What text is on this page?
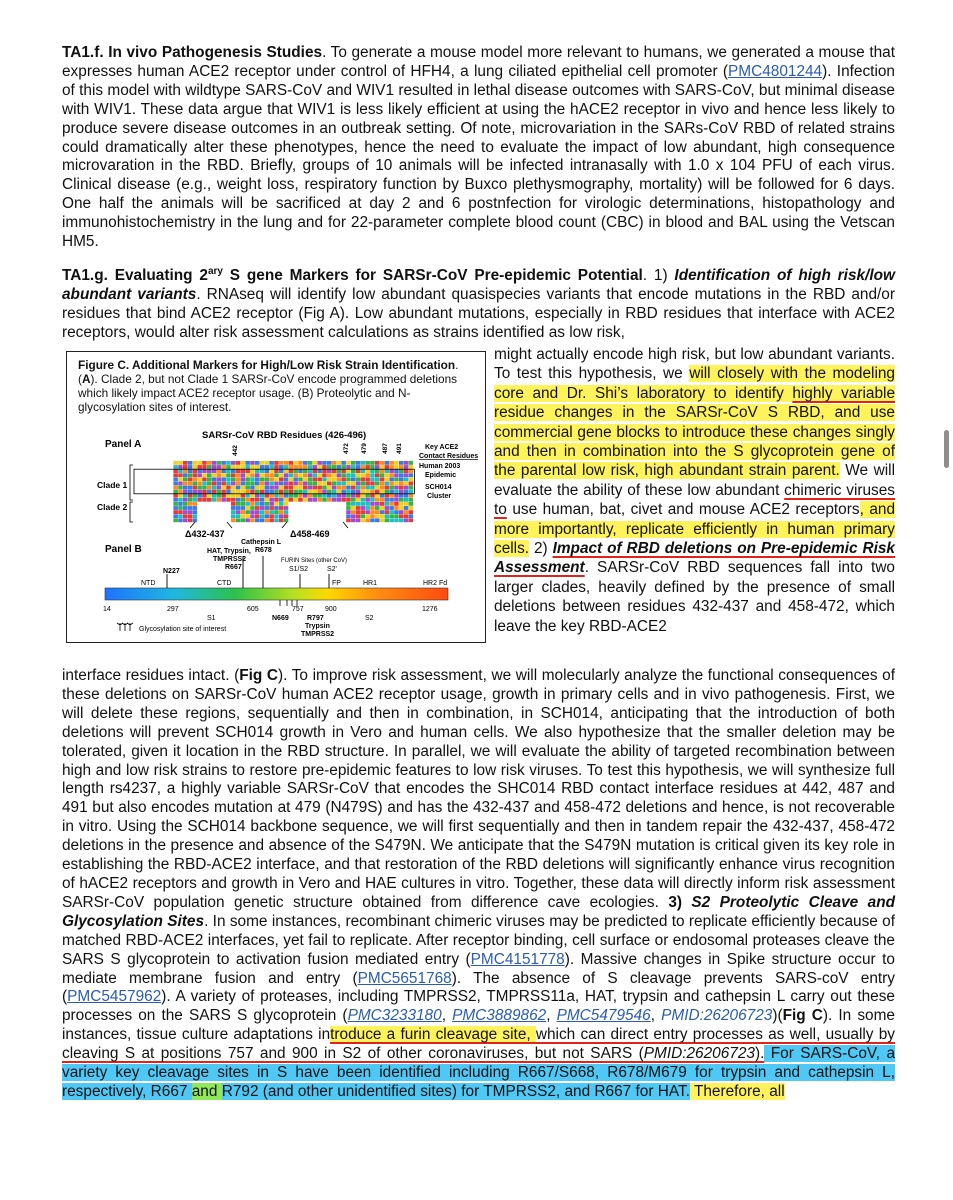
TA1.f. In vivo Pathogenesis Studies. To generate a mouse model more relevant to humans, we generated a mouse that expresses human ACE2 receptor under control of HFH4, a lung ciliated epithelial cell promoter (PMC4801244). Infection of this model with wildtype SARS-CoV and WIV1 resulted in lethal disease outcomes with SARS-CoV, but minimal disease with WIV1. These data argue that WIV1 is less likely efficient at using the hACE2 receptor in vivo and hence less likely to produce severe disease outcomes in an outbreak setting. Of note, microvariation in the SARs-CoV RBD of related strains could dramatically alter these phenotypes, hence the need to evaluate the impact of low abundant, high consequence microvaration in the RBD. Briefly, groups of 10 animals will be infected intranasally with 1.0 x 104 PFU of each virus. Clinical disease (e.g., weight loss, respiratory function by Buxco plethysmography, mortality) will be followed for 6 days. One half the animals will be sacrificed at day 2 and 6 postnfection for virologic determinations, histopathology and immunohistochemistry in the lung and for 22-parameter complete blood count (CBC) in blood and BAL using the Vetscan HM5.
TA1.g. Evaluating $2^{ary}$ S gene Markers for SARSr-CoV Pre-epidemic Potential. 1) Identification of high risk/low abundant variants. RNAseq will identify low abundant quasispecies variants that encode mutations in the RBD and/or residues that bind ACE2 receptor (Fig A). Low abundant mutations, especially in RBD residues that interface with ACE2 receptors, would alter risk assessment calculations as strains identified as low risk,
Figure C. Additional Markers for High/Low Risk Strain Identification. (A). Clade 2, but not Clade 1 SARSr-CoV encode programmed deletions which likely impact ACE2 receptor usage. (B) Proteolytic and N-glycosylation sites of interest.
SARSr-CoV RBD Residues (426-496)
Panel A
442	472 479 487 491
Clade 1
Clade 2
Key ACE2
Contact Residues
Human 2003
Epidemic
SCH014
Cluster
Δ432-437	Δ458-469
Panel B
Cathepsin L
R678
HAT, Trypsin,
TMPRSS2
R667
N227
FURIN Sites (other CoV)
S1/S2	S2'
NTD	CTD	FP	HR1	HR2 Fd
14	297	605	757	900	1276
S1	S2
N669	R797
Trypsin
TMPRSS2
Glycosylation site of interest
might actually encode high risk, but low abundant variants. To test this hypothesis, we will closely with the modeling core and Dr. Shi’s laboratory to identify highly variable residue changes in the SARSr-CoV S RBD, and use commercial gene blocks to introduce these changes singly and then in combination into the S glycoprotein gene of the parental low risk, high abundant strain parent. We will evaluate the ability of these low abundant chimeric viruses to use human, bat, civet and mouse ACE2 receptors, and more importantly, replicate efficiently in human primary cells. 2) Impact of RBD deletions on Pre-epidemic Risk Assessment. SARSr-CoV RBD sequences fall into two larger clades, heavily defined by the presence of small deletions between residues 432-437 and 458-472, which leave the key RBD-ACE2
interface residues intact. (Fig C). To improve risk assessment, we will molecularly analyze the functional consequences of these deletions on SARSr-CoV human ACE2 receptor usage, growth in primary cells and in vivo pathogenesis. First, we will delete these regions, sequentially and then in combination, in SCH014, anticipating that the introduction of both deletions will prevent SCH014 growth in Vero and human cells. We also hypothesize that the smaller deletion may be tolerated, given it location in the RBD structure. In parallel, we will evaluate the ability of targeted recombination between high and low risk strains to restore pre-epidemic features to low risk viruses. To test this hypothesis, we will synthesize full length rs4237, a highly variable SARSr-CoV that encodes the SHC014 RBD contact interface residues at 442, 487 and 491 but also encodes mutation at 479 (N479S) and has the 432-437 and 458-472 deletions and hence, is not recoverable in vitro. Using the SCH014 backbone sequence, we will first sequentially and then in tandem repair the 432-437, 458-472 deletions in the presence and absence of the S479N. We anticipate that the S479N mutation is critical given its key role in establishing the RBD-ACE2 interface, and that restoration of the RBD deletions will significantly enhance virus recognition of hACE2 receptors and growth in Vero and HAE cultures in vitro. Together, these data will directly inform risk assessment SARSr-CoV population genetic structure obtained from difference cave ecologies. 3) S2 Proteolytic Cleave and Glycosylation Sites. In some instances, recombinant chimeric viruses may be predicted to replicate efficiently because of matched RBD-ACE2 interfaces, yet fail to replicate. After receptor binding, cell surface or endosomal proteases cleave the SARS S glycoprotein to activation fusion mediated entry (PMC4151778). Massive changes in Spike structure occur to mediate membrane fusion and entry (PMC5651768). The absence of S cleavage prevents SARS-coV entry (PMC5457962). A variety of proteases, including TMPRSS2, TMPRSS11a, HAT, trypsin and cathepsin L carry out these processes on the SARS S glycoprotein (PMC3233180, PMC3889862, PMC5479546, PMID:26206723)(Fig C). In some instances, tissue culture adaptations introduce a furin cleavage site, which can direct entry processes as well, usually by cleaving S at positions 757 and 900 in S2 of other coronaviruses, but not SARS (PMID:26206723). For SARS-CoV, a variety key cleavage sites in S have been identified including R667/S668, R678/M679 for trypsin and cathepsin L, respectively, R667 and R792 (and other unidentified sites) for TMPRSS2, and R667 for HAT. Therefore, all
